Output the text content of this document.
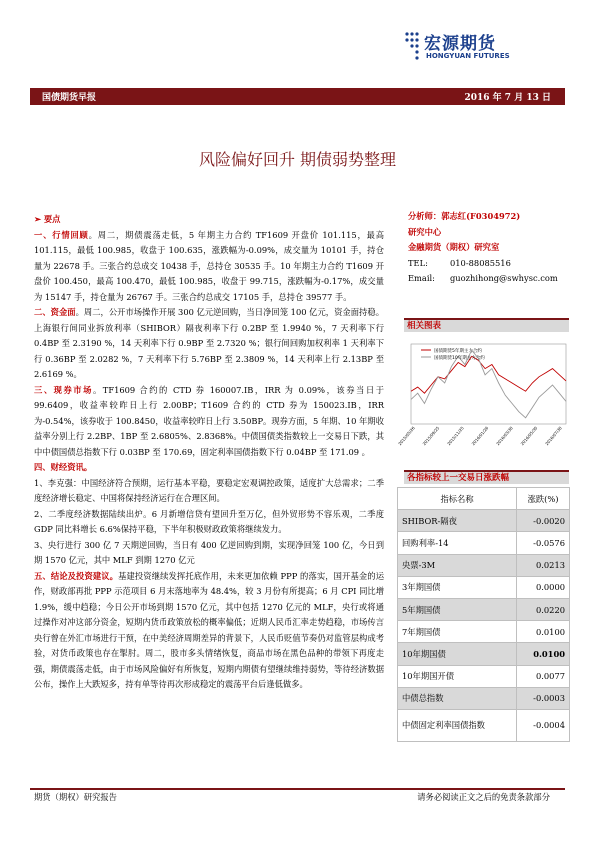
宏源期货
HONGYUAN FUTURES
国债期货早报	2016 年 7 月 13 日
风险偏好回升 期债弱势整理

➢ 要点

一、行情回顾。周二，期债震荡走低，5 年期主力合约 TF1609 开盘价 101.115，最高 101.115，最低 100.985，收盘于 100.635，涨跌幅为-0.09%，成交量为 10101 手，持仓量为 22678 手。三张合约总成交 10438 手，总持仓 30535 手。10 年期主力合约 T1609 开盘价 100.450，最高 100.470，最低 100.985，收盘于 99.715，涨跌幅为-0.17%，成交量为 15147 手，持仓量为 26767 手。三张合约总成交 17105 手，总持仓 39577 手。

二、资金面。周二，公开市场操作开展 300 亿元逆回购，当日净回笼 100 亿元，资金面持稳。上海银行间同业拆放利率（SHIBOR）隔夜利率下行 0.2BP 至 1.9940 %，7 天利率下行 0.4BP 至 2.3190 %，14 天利率下行 0.9BP 至 2.7320 %；银行间回购加权利率 1 天利率下行 0.36BP 至 2.0282 %，7 天利率下行 5.76BP 至 2.3809 %，14 天利率上行 2.13BP 至 2.6169 %。

三、现券市场。TF1609 合约的 CTD 券 160007.IB，IRR 为 0.09%，该券当日于 99.6409，收益率较昨日上行 2.00BP；T1609 合约的 CTD 券为 150023.IB，IRR 为-0.54%，该券收于 100.8450，收益率较昨日上行 3.50BP。现券方面，5 年期、10 年期收益率分别上行 2.2BP、1BP 至 2.6805%、2.8368%。中债国债类指数较上一交易日下跌，其中中债国债总指数下行 0.03BP 至 170.69，固定利率国债指数下行 0.04BP 至 171.09 。

四、财经资讯。

1、李克强：中国经济符合预期，运行基本平稳，要稳定宏观调控政策，适度扩大总需求；二季度经济增长稳定、中国将保持经济运行在合理区间。

2、二季度经济数据陆续出炉。6 月新增信贷有望回升至万亿，但外贸形势不容乐观，二季度 GDP 同比料增长 6.6%保持平稳，下半年积极财政政策将继续发力。

3、央行进行 300 亿 7 天期逆回购，当日有 400 亿逆回购到期，实现净回笼 100 亿，今日到期 1570 亿元，其中 MLF 到期 1270 亿元

五、结论及投资建议。基建投资继续发挥托底作用，未来更加依赖 PPP 的落实，国开基金的运作，财政部再批 PPP 示范项目 6 月末落地率为 48.4%，较 3 月份有所提高；6 月 CPI 同比增 1.9%，缓中趋稳；今日公开市场到期 1570 亿元，其中包括 1270 亿元的 MLF，央行或将通过操作对冲这部分资金，短期内货币政策放松的概率偏低；近期人民币汇率走势趋稳，市场传言央行曾在外汇市场进行干预，在中美经济周期差异的背景下，人民币贬值节奏仍对监管层构成考验，对货币政策也存在掣肘。周二，股市多头情绪恢复，商品市场在黑色品种的带领下再度走强，期债震荡走低，由于市场风险偏好有所恢复，短期内期债有望继续维持弱势，等待经济数据公布，操作上大跌短多，持有单等待再次形成稳定的震荡平台后逢低做多。

分析师：郭志红(F0304972)
研究中心
金融期货（期权）研究室
TEL:	010-88085516
Email: guozhihong@swhysc.com
相关图表
国债期货5年期主力合约
国债期货10年期主力合约
2015/05/26 2015/09/25 2015/11/25 2016/01/26 2016/03/30 2016/05/30 2016/07/30
各指标较上一交易日涨跌幅
指标名称	涨跌(%)
SHIBOR-隔夜	-0.0020
回购利率-14	-0.0576
央票-3M	0.0213
3年期国债	0.0000
5年期国债	0.0220
7年期国债	0.0100
10年期国债	0.0100
10年期国开债	0.0077
中债总指数	-0.0003
中债固定利率国债指数	-0.0004
期货（期权）研究报告	请务必阅读正文之后的免责条款部分
